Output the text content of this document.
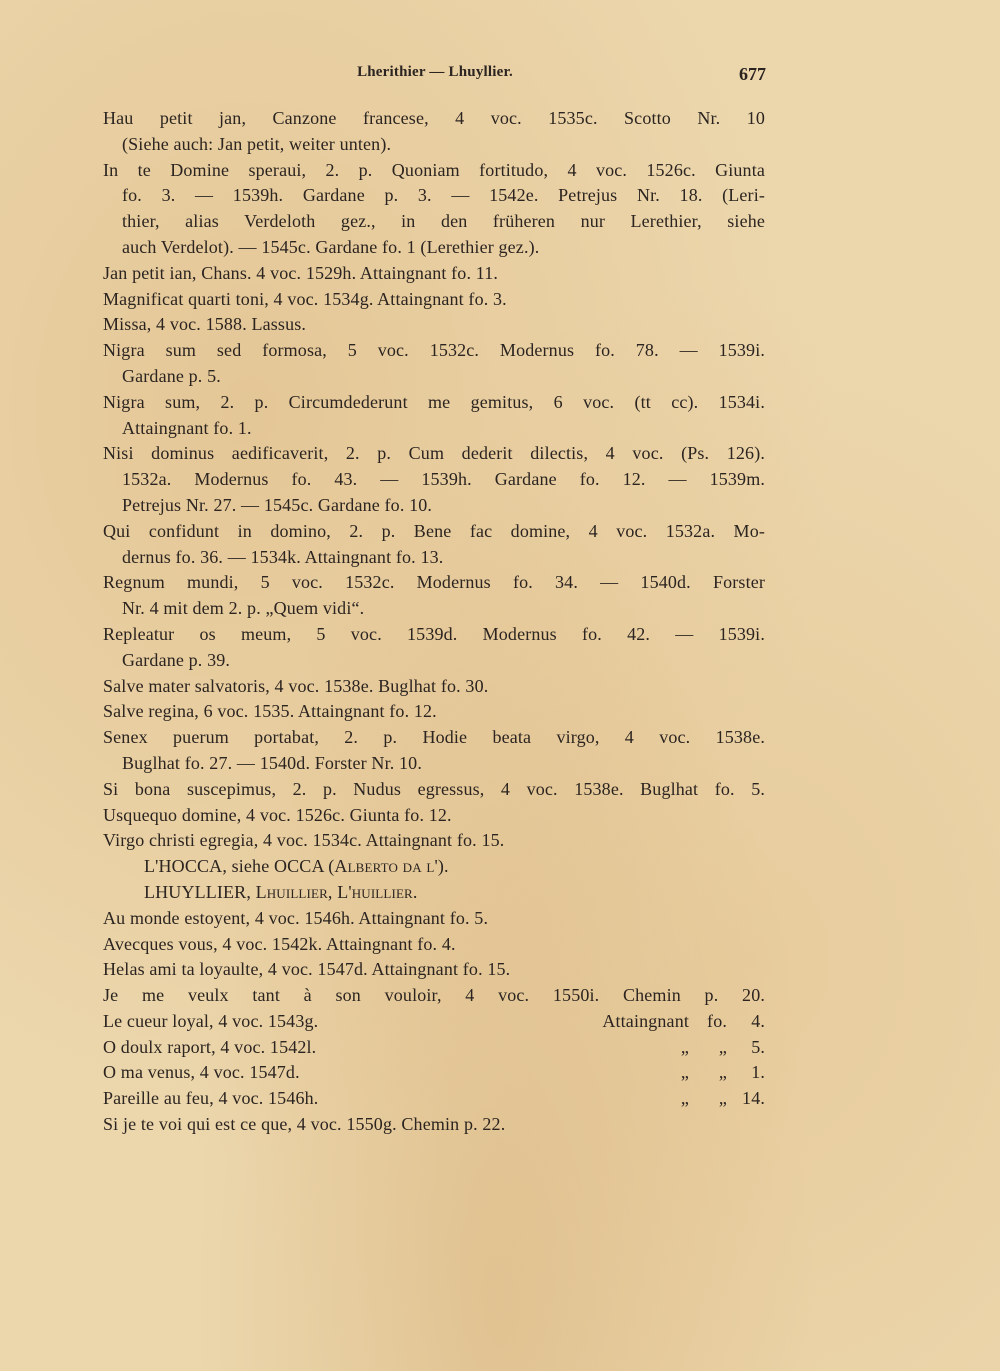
Lherithier — Lhuyllier.	677
Hau petit jan, Canzone francese, 4 voc. 1535c. Scotto Nr. 10
(Siehe auch: Jan petit, weiter unten).
In te Domine speraui, 2. p. Quoniam fortitudo, 4 voc. 1526c. Giunta
fo. 3. — 1539h. Gardane p. 3. — 1542e. Petrejus Nr. 18. (Leri-
thier, alias Verdeloth gez., in den früheren nur Lerethier, siehe
auch Verdelot). — 1545c. Gardane fo. 1 (Lerethier gez.).
Jan petit ian, Chans. 4 voc. 1529h. Attaingnant fo. 11.
Magnificat quarti toni, 4 voc. 1534g. Attaingnant fo. 3.
Missa, 4 voc. 1588. Lassus.
Nigra sum sed formosa, 5 voc. 1532c. Modernus fo. 78. — 1539i.
Gardane p. 5.
Nigra sum, 2. p. Circumdederunt me gemitus, 6 voc. (tt cc). 1534i.
Attaingnant fo. 1.
Nisi dominus aedificaverit, 2. p. Cum dederit dilectis, 4 voc. (Ps. 126).
1532a. Modernus fo. 43. — 1539h. Gardane fo. 12. — 1539m.
Petrejus Nr. 27. — 1545c. Gardane fo. 10.
Qui confidunt in domino, 2. p. Bene fac domine, 4 voc. 1532a. Mo-
dernus fo. 36. — 1534k. Attaingnant fo. 13.
Regnum mundi, 5 voc. 1532c. Modernus fo. 34. — 1540d. Forster
Nr. 4 mit dem 2. p. „Quem vidi“.
Repleatur os meum, 5 voc. 1539d. Modernus fo. 42. — 1539i.
Gardane p. 39.
Salve mater salvatoris, 4 voc. 1538e. Buglhat fo. 30.
Salve regina, 6 voc. 1535. Attaingnant fo. 12.
Senex puerum portabat, 2. p. Hodie beata virgo, 4 voc. 1538e.
Buglhat fo. 27. — 1540d. Forster Nr. 10.
Si bona suscepimus, 2. p. Nudus egressus, 4 voc. 1538e. Buglhat fo. 5.
Usquequo domine, 4 voc. 1526c. Giunta fo. 12.
Virgo christi egregia, 4 voc. 1534c. Attaingnant fo. 15.
L'HOCCA, siehe OCCA (Alberto da l').
LHUYLLIER, Lhuillier, L'huillier.
Au monde estoyent, 4 voc. 1546h. Attaingnant fo. 5.
Avecques vous, 4 voc. 1542k. Attaingnant fo. 4.
Helas ami ta loyaulte, 4 voc. 1547d. Attaingnant fo. 15.
Je me veulx tant à son vouloir, 4 voc. 1550i. Chemin p. 20.
Le cueur loyal, 4 voc. 1543g.	Attaingnant	fo.	4.
O doulx raport, 4 voc. 1542l.	„	„	5.
O ma venus, 4 voc. 1547d.	„	„	1.
Pareille au feu, 4 voc. 1546h.	„	„ 14.
Si je te voi qui est ce que, 4 voc. 1550g. Chemin p. 22.
